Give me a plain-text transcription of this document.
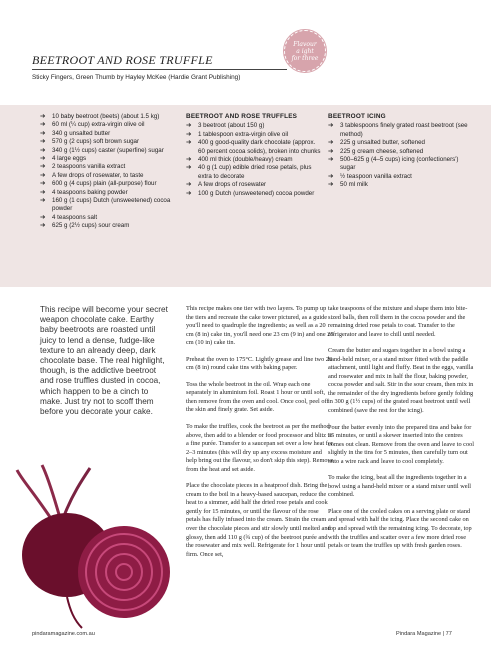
BEETROOT AND ROSE TRUFFLE
Sticky Fingers, Green Thumb by Hayley McKee (Hardie Grant Publishing)
Flavour
a ight
for three
➔ 10 baby beetroot (beets) (about 1.5 kg)
➔ 60 ml (¼ cup) extra-virgin olive oil
➔ 340 g unsalted butter
➔ 570 g (2 cups) soft brown sugar
➔ 340 g (1½ cups) caster (superfine) sugar
➔ 4 large eggs
➔ 2 teaspoons vanilla extract
➔ A few drops of rosewater, to taste
➔ 600 g (4 cups) plain (all-purpose) flour
➔ 4 teaspoons baking powder
➔ 160 g (1 cups) Dutch (unsweetened) cocoa powder
➔ 4 teaspoons salt
➔ 625 g (2½ cups) sour cream
BEETROOT AND ROSE TRUFFLES
➔ 3 beetroot (about 150 g)
➔ 1 tablespoon extra-virgin olive oil
➔ 400 g good-quality dark chocolate (approx. 60 percent cocoa solids), broken into chunks
➔ 400 ml thick (double/heavy) cream
➔ 40 g (1 cup) edible dried rose petals, plus extra to decorate
➔ A few drops of rosewater
➔ 100 g Dutch (unsweetened) cocoa powder
BEETROOT ICING
➔ 3 tablespoons finely grated roast beetroot (see method)
➔ 225 g unsalted butter, softened
➔ 225 g cream cheese, softened
➔ 500–625 g (4–5 cups) icing (confectioners') sugar
➔ ½ teaspoon vanilla extract
➔ 50 ml milk
This recipe will become your secret weapon chocolate cake. Earthy baby beetroots are roasted until juicy to lend a dense, fudge-like texture to an already deep, dark chocolate base. The real highlight, though, is the addictive beetroot and rose truffles dusted in cocoa, which happen to be a cinch to make. Just try not to scoff them before you decorate your cake.

This recipe makes one tier with two layers. To pump up the tiers and recreate the cake tower pictured, as a guide you'll need to quadruple the ingredients; as well as a 20 cm (8 in) cake tin, you'll need one 23 cm (9 in) and one 25 cm (10 in) cake tin.

Preheat the oven to 175°C. Lightly grease and line two 20 cm (8 in) round cake tins with baking paper.

Toss the whole beetroot in the oil. Wrap each one separately in aluminium foil. Roast 1 hour or until soft, then remove from the oven and cool. Once cool, peel off the skin and finely grate. Set aside.

To make the truffles, cook the beetroot as per the method above, then add to a blender or food processor and blitz to a fine purée. Transfer to a saucepan set over a low heat for 2–3 minutes (this will dry up any excess moisture and help bring out the flavour, so don't skip this step). Remove from the heat and set aside.

Place the chocolate pieces in a heatproof dish. Bring the cream to the boil in a heavy-based saucepan, reduce the heat to a simmer, add half the dried rose petals and cook gently for 15 minutes, or until the flavour of the rose petals has fully infused into the cream. Strain the cream over the chocolate pieces and stir slowly until melted and glossy, then add 110 g (¾ cup) of the beetroot purée and the rosewater and mix well. Refrigerate for 1 hour until firm. Once set,

take teaspoons of the mixture and shape them into bite-sized balls, then roll them in the cocoa powder and the remaining dried rose petals to coat. Transfer to the refrigerator and leave to chill until needed.

Cream the butter and sugars together in a bowl using a hand-held mixer, or a stand mixer fitted with the paddle attachment, until light and fluffy. Beat in the eggs, vanilla and rosewater and mix in half the flour, baking powder, cocoa powder and salt. Stir in the sour cream, then mix in the remainder of the dry ingredients before gently folding in 300 g (1½ cups) of the grated roast beetroot until well combined (save the rest for the icing).

Pour the batter evenly into the prepared tins and bake for 35 minutes, or until a skewer inserted into the centres comes out clean. Remove from the oven and leave to cool slightly in the tins for 5 minutes, then carefully turn out onto a wire rack and leave to cool completely.

To make the icing, beat all the ingredients together in a bowl using a hand-held mixer or a stand mixer until well combined.

Place one of the cooled cakes on a serving plate or stand and spread with half the icing. Place the second cake on top and spread with the remaining icing. To decorate, top with the truffles and scatter over a few more dried rose petals or team the truffles up with fresh garden roses.

pindaramagazine.com.au	Pindara Magazine | 77
